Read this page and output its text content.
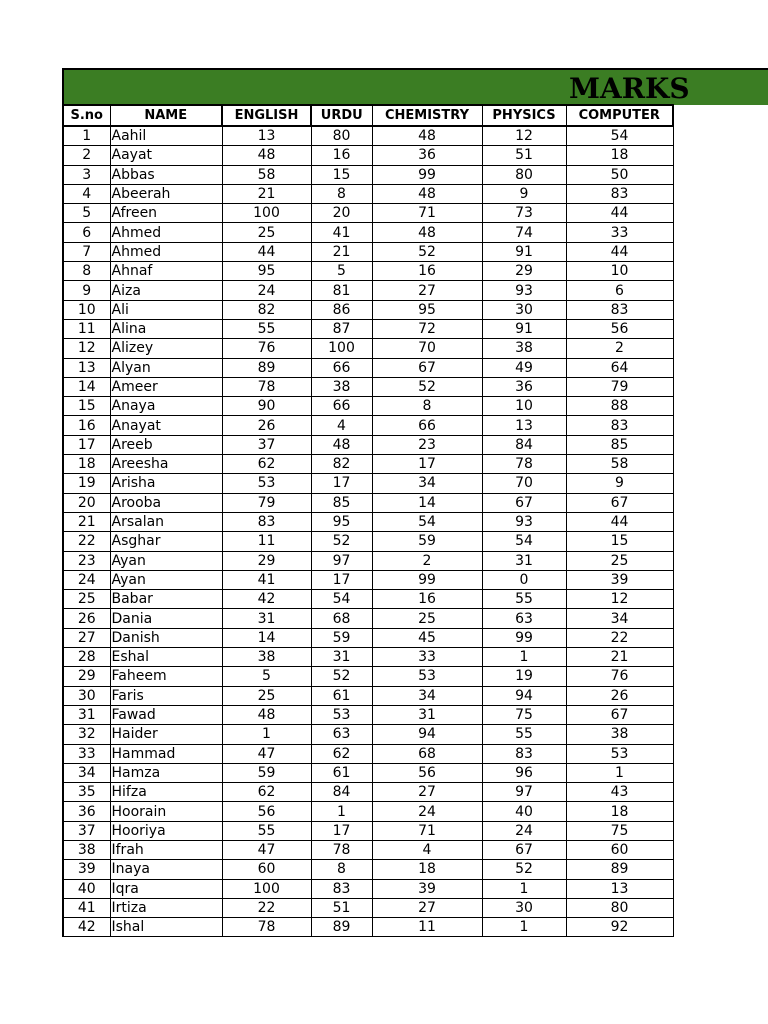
MARKS
S.no	NAME	ENGLISH	URDU	CHEMISTRY	PHYSICS	COMPUTER
1	Aahil	13	80	48	12	54
2	Aayat	48	16	36	51	18
3	Abbas	58	15	99	80	50
4	Abeerah	21	8	48	9	83
5	Afreen	100	20	71	73	44
6	Ahmed	25	41	48	74	33
7	Ahmed	44	21	52	91	44
8	Ahnaf	95	5	16	29	10
9	Aiza	24	81	27	93	6
10	Ali	82	86	95	30	83
11	Alina	55	87	72	91	56
12	Alizey	76	100	70	38	2
13	Alyan	89	66	67	49	64
14	Ameer	78	38	52	36	79
15	Anaya	90	66	8	10	88
16	Anayat	26	4	66	13	83
17	Areeb	37	48	23	84	85
18	Areesha	62	82	17	78	58
19	Arisha	53	17	34	70	9
20	Arooba	79	85	14	67	67
21	Arsalan	83	95	54	93	44
22	Asghar	11	52	59	54	15
23	Ayan	29	97	2	31	25
24	Ayan	41	17	99	0	39
25	Babar	42	54	16	55	12
26	Dania	31	68	25	63	34
27	Danish	14	59	45	99	22
28	Eshal	38	31	33	1	21
29	Faheem	5	52	53	19	76
30	Faris	25	61	34	94	26
31	Fawad	48	53	31	75	67
32	Haider	1	63	94	55	38
33	Hammad	47	62	68	83	53
34	Hamza	59	61	56	96	1
35	Hifza	62	84	27	97	43
36	Hoorain	56	1	24	40	18
37	Hooriya	55	17	71	24	75
38	Ifrah	47	78	4	67	60
39	Inaya	60	8	18	52	89
40	Iqra	100	83	39	1	13
41	Irtiza	22	51	27	30	80
42	Ishal	78	89	11	1	92
